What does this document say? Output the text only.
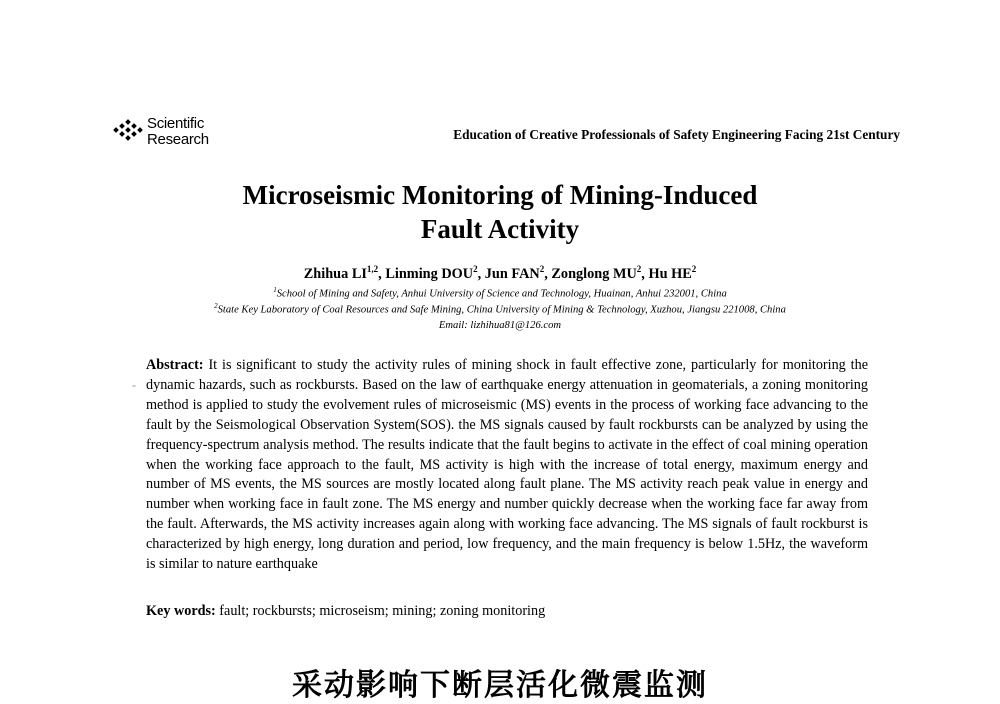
Scientific
Research	Education of Creative Professionals of Safety Engineering Facing 21st Century
Microseismic Monitoring of Mining-Induced
Fault Activity
Zhihua LI$^{1,2}$, Linming DOU$^2$, Jun FAN$^2$, Zonglong $MU^2$, Hu $HE^2$
$^1$School of Mining and Safety, Anhui University of Science and Technology, Huainan, Anhui 232001, China
$^2$State Key Laboratory of Coal Resources and Safe Mining, China University of Mining & Technology, Xuzhou, Jiangsu 221008, China
Email: lizhihua81@126.com

Abstract: It is significant to study the activity rules of mining shock in fault effective zone, particularly for monitoring the dynamic hazards, such as rockbursts. Based on the law of earthquake energy attenuation in geomaterials, a zoning monitoring method is applied to study the evolvement rules of microseismic (MS) events in the process of working face advancing to the fault by the Seismological Observation System(SOS). the MS signals caused by fault rockbursts can be analyzed by using the frequency-spectrum analysis method. The results indicate that the fault begins to activate in the effect of coal mining operation when the working face approach to the fault, MS activity is high with the increase of total energy, maximum energy and number of MS events, the MS sources are mostly located along fault plane. The MS activity reach peak value in energy and number when working face in fault zone. The MS energy and number quickly decrease when the working face far away from the fault. Afterwards, the MS activity increases again along with working face advancing. The MS signals of fault rockburst is characterized by high energy, long duration and period, low frequency, and the main frequency is below 1.5Hz, the waveform is similar to nature earthquake

Key words: fault; rockbursts; microseism; mining; zoning monitoring
采动影响下断层活化微震监测
-
